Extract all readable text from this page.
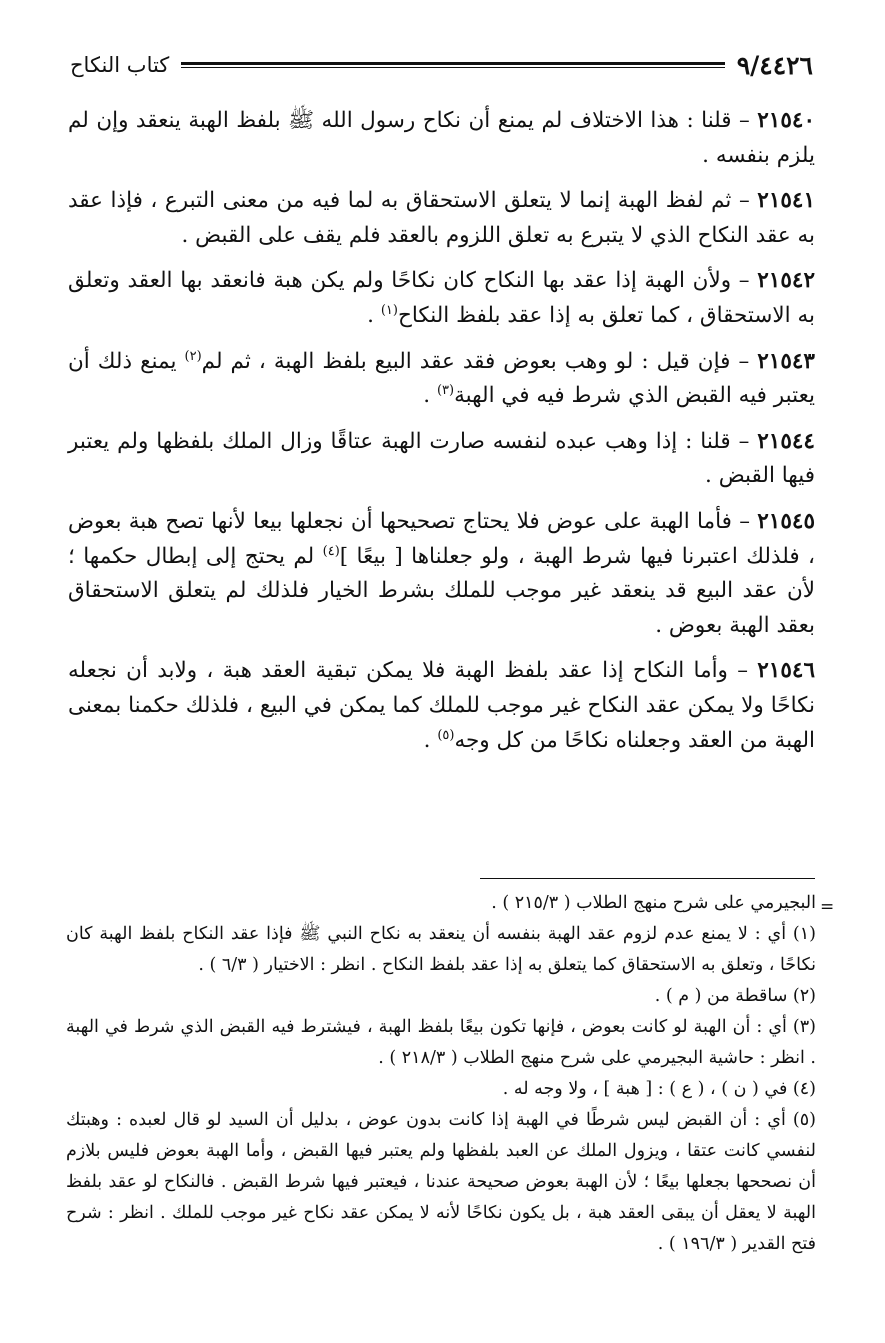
٩/٤٤٢٦
كتاب النكاح

٢١٥٤٠ – قلنا : هذا الاختلاف لم يمنع أن نكاح رسول الله ﷺ بلفظ الهبة ينعقد وإن لم يلزم بنفسه .

٢١٥٤١ – ثم لفظ الهبة إنما لا يتعلق الاستحقاق به لما فيه من معنى التبرع ، فإذا عقد به عقد النكاح الذي لا يتبرع به تعلق اللزوم بالعقد فلم يقف على القبض .

٢١٥٤٢ – ولأن الهبة إذا عقد بها النكاح كان نكاحًا ولم يكن هبة فانعقد بها العقد وتعلق به الاستحقاق ، كما تعلق به إذا عقد بلفظ النكاح$^{(١)}$ .

٢١٥٤٣ – فإن قيل : لو وهب بعوض فقد عقد البيع بلفظ الهبة ، ثم لم$^{(٢)}$ يمنع ذلك أن يعتبر فيه القبض الذي شرط فيه في الهبة$^{(٣)}$ .

٢١٥٤٤ – قلنا : إذا وهب عبده لنفسه صارت الهبة عتاقًا وزال الملك بلفظها ولم يعتبر فيها القبض .

٢١٥٤٥ – فأما الهبة على عوض فلا يحتاج تصحيحها أن نجعلها بيعا لأنها تصح هبة بعوض ، فلذلك اعتبرنا فيها شرط الهبة ، ولو جعلناها [ بيعًا ]$^{(٤)}$ لم يحتج إلى إبطال حكمها ؛ لأن عقد البيع قد ينعقد غير موجب للملك بشرط الخيار فلذلك لم يتعلق الاستحقاق بعقد الهبة بعوض .

٢١٥٤٦ – وأما النكاح إذا عقد بلفظ الهبة فلا يمكن تبقية العقد هبة ، ولابد أن نجعله نكاحًا ولا يمكن عقد النكاح غير موجب للملك كما يمكن في البيع ، فلذلك حكمنا بمعنى الهبة من العقد وجعلناه نكاحًا من كل وجه$^{(٥)}$ .

=

البجيرمي على شرح منهج الطلاب ( ٢١٥/٣ ) .

(١) أي : لا يمنع عدم لزوم عقد الهبة بنفسه أن ينعقد به نكاح النبي ﷺ فإذا عقد النكاح بلفظ الهبة كان نكاحًا ، وتعلق به الاستحقاق كما يتعلق به إذا عقد بلفظ النكاح . انظر : الاختيار ( ٦/٣ ) .

(٢) ساقطة من ( م ) .

(٣) أي : أن الهبة لو كانت بعوض ، فإنها تكون بيعًا بلفظ الهبة ، فيشترط فيه القبض الذي شرط في الهبة . انظر : حاشية البجيرمي على شرح منهج الطلاب ( ٢١٨/٣ ) .

(٤) في ( ن ) ، ( ع ) : [ هبة ] ، ولا وجه له .

(٥) أي : أن القبض ليس شرطًا في الهبة إذا كانت بدون عوض ، بدليل أن السيد لو قال لعبده : وهبتك لنفسي كانت عتقا ، ويزول الملك عن العبد بلفظها ولم يعتبر فيها القبض ، وأما الهبة بعوض فليس بلازم أن نصححها بجعلها بيعًا ؛ لأن الهبة بعوض صحيحة عندنا ، فيعتبر فيها شرط القبض . فالنكاح لو عقد بلفظ الهبة لا يعقل أن يبقى العقد هبة ، بل يكون نكاحًا لأنه لا يمكن عقد نكاح غير موجب للملك . انظر : شرح فتح القدير ( ١٩٦/٣ ) .
